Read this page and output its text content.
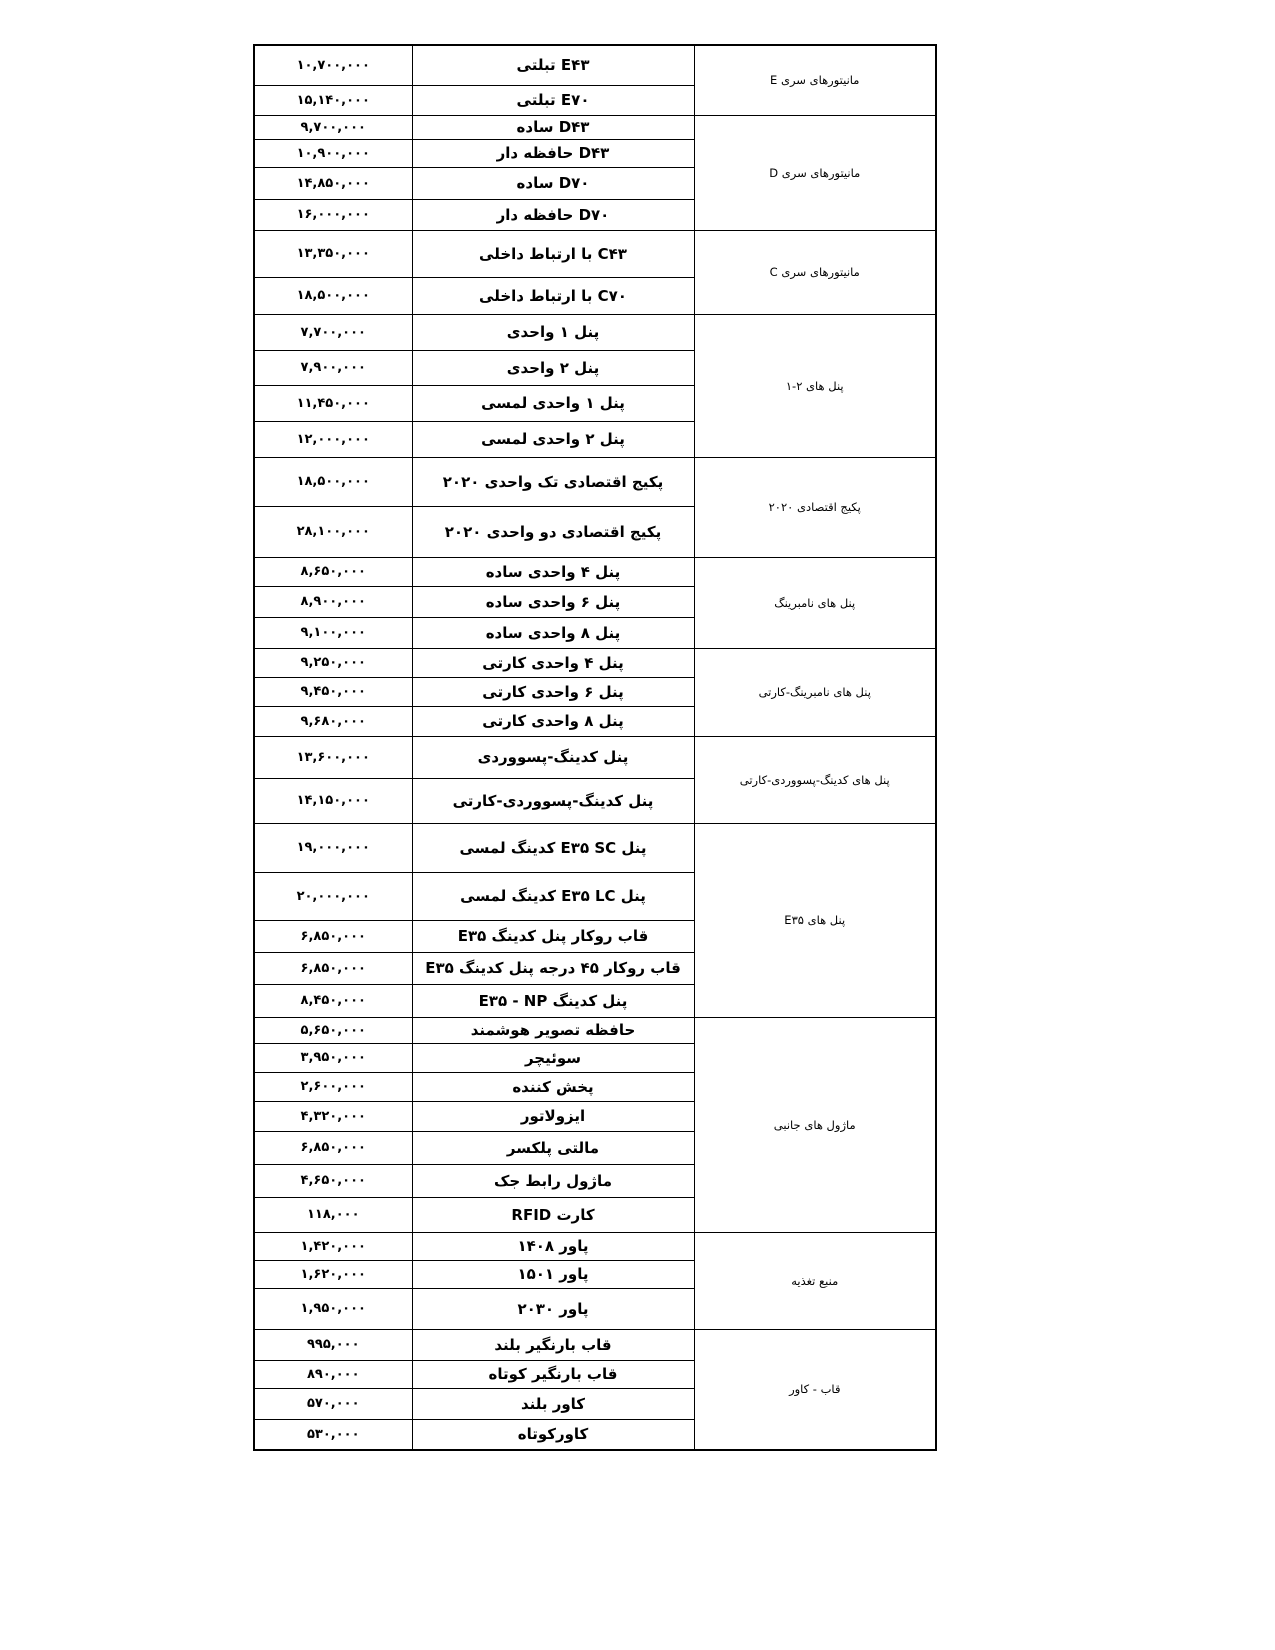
۱۰,۷۰۰,۰۰۰	E۴۳ تبلتی	مانیتورهای سری E
۱۵,۱۴۰,۰۰۰	E۷۰ تبلتی	
۹,۷۰۰,۰۰۰	D۴۳ ساده	مانیتورهای سری D
۱۰,۹۰۰,۰۰۰	D۴۳ حافظه دار	
۱۴,۸۵۰,۰۰۰	D۷۰ ساده	
۱۶,۰۰۰,۰۰۰	D۷۰ حافظه دار	
۱۳,۳۵۰,۰۰۰	C۴۳ با ارتباط داخلی	مانیتورهای سری C
۱۸,۵۰۰,۰۰۰	C۷۰ با ارتباط داخلی	
۷,۷۰۰,۰۰۰	پنل ۱ واحدی	پنل های ۲-۱
۷,۹۰۰,۰۰۰	پنل ۲ واحدی	
۱۱,۴۵۰,۰۰۰	پنل ۱ واحدی لمسی	
۱۲,۰۰۰,۰۰۰	پنل ۲ واحدی لمسی	
۱۸,۵۰۰,۰۰۰	پکیج اقتصادی تک واحدی ۲۰۲۰	پکیج اقتصادی ۲۰۲۰
۲۸,۱۰۰,۰۰۰	پکیج اقتصادی دو واحدی ۲۰۲۰	
۸,۶۵۰,۰۰۰	پنل ۴ واحدی ساده	پنل های نامبرینگ
۸,۹۰۰,۰۰۰	پنل ۶ واحدی ساده	
۹,۱۰۰,۰۰۰	پنل ۸ واحدی ساده	
۹,۲۵۰,۰۰۰	پنل ۴ واحدی کارتی	پنل های نامبرینگ-کارتی
۹,۴۵۰,۰۰۰	پنل ۶ واحدی کارتی	
۹,۶۸۰,۰۰۰	پنل ۸ واحدی کارتی	
۱۳,۶۰۰,۰۰۰	پنل کدینگ-پسووردی	پنل های کدینگ-پسووردی-کارتی
۱۴,۱۵۰,۰۰۰	پنل کدینگ-پسووردی-کارتی	
۱۹,۰۰۰,۰۰۰	پنل E۳۵ SC کدینگ لمسی	پنل های E۳۵
۲۰,۰۰۰,۰۰۰	پنل E۳۵ LC کدینگ لمسی	
۶,۸۵۰,۰۰۰	قاب روکار پنل کدینگ E۳۵	
۶,۸۵۰,۰۰۰	قاب روکار ۴۵ درجه پنل کدینگ E۳۵	
۸,۴۵۰,۰۰۰	پنل کدینگ E۳۵ - NP	
۵,۶۵۰,۰۰۰	حافظه تصویر هوشمند	ماژول های جانبی
۳,۹۵۰,۰۰۰	سوئیچر	
۲,۶۰۰,۰۰۰	پخش کننده	
۴,۳۲۰,۰۰۰	ایزولاتور	
۶,۸۵۰,۰۰۰	مالتی پلکسر	
۴,۶۵۰,۰۰۰	ماژول رابط جک	
۱۱۸,۰۰۰	کارت RFID	
۱,۴۲۰,۰۰۰	پاور ۱۴۰۸	منبع تغذیه
۱,۶۲۰,۰۰۰	پاور ۱۵۰۱	
۱,۹۵۰,۰۰۰	پاور ۲۰۳۰	
۹۹۵,۰۰۰	قاب بارنگیر بلند	قاب - کاور
۸۹۰,۰۰۰	قاب بارنگیر کوتاه	
۵۷۰,۰۰۰	کاور بلند	
۵۳۰,۰۰۰	کاورکوتاه	
